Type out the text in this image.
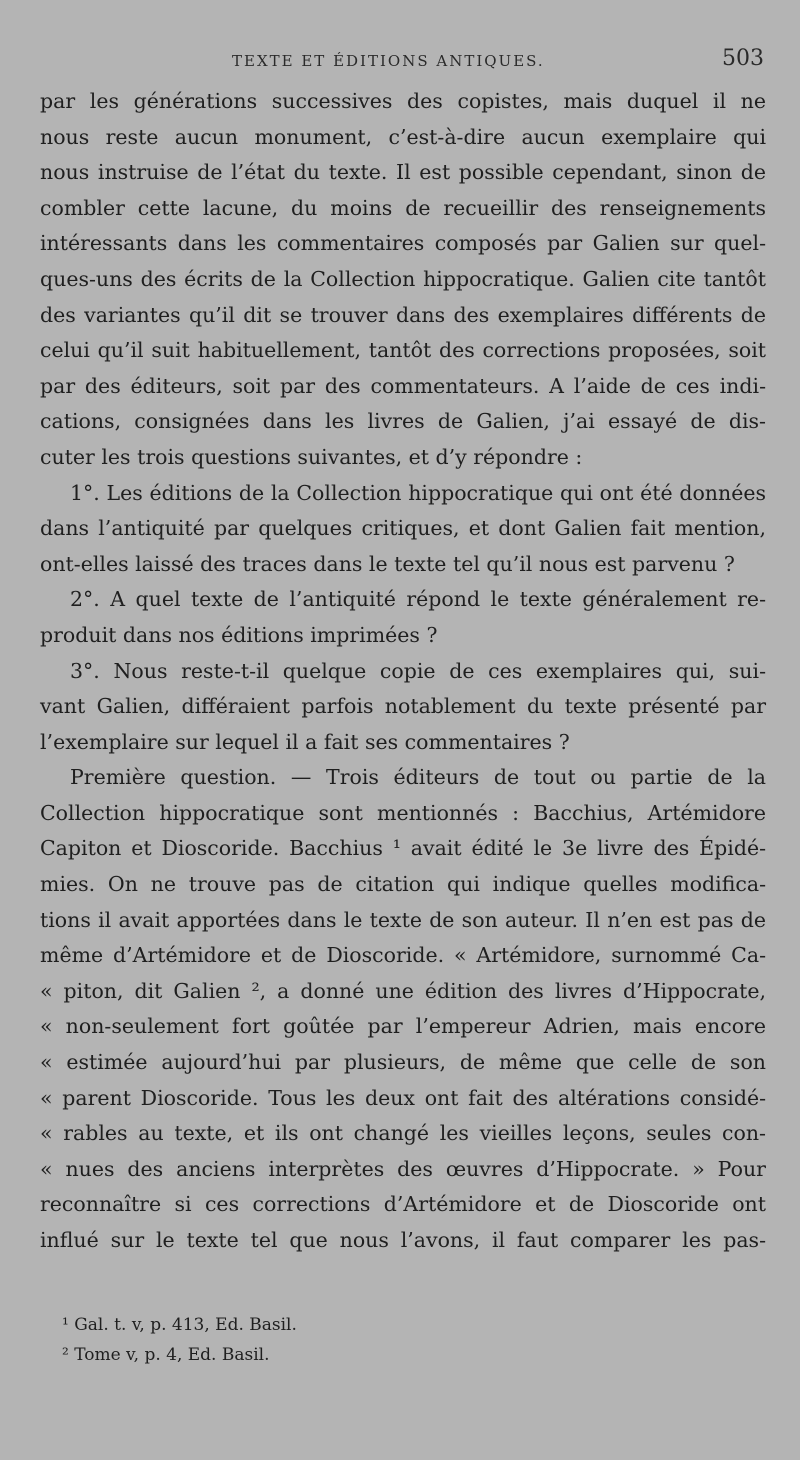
TEXTE ET ÉDITIONS ANTIQUES.	503
par les générations successives des copistes, mais duquel il ne
nous reste aucun monument, c’est-à-dire aucun exemplaire qui
nous instruise de l’état du texte. Il est possible cependant, sinon de
combler cette lacune, du moins de recueillir des renseignements
intéressants dans les commentaires composés par Galien sur quel-
ques-uns des écrits de la Collection hippocratique. Galien cite tantôt
des variantes qu’il dit se trouver dans des exemplaires différents de
celui qu’il suit habituellement, tantôt des corrections proposées, soit
par des éditeurs, soit par des commentateurs. A l’aide de ces indi-
cations, consignées dans les livres de Galien, j’ai essayé de dis-
cuter les trois questions suivantes, et d’y répondre :
1°. Les éditions de la Collection hippocratique qui ont été données
dans l’antiquité par quelques critiques, et dont Galien fait mention,
ont-elles laissé des traces dans le texte tel qu’il nous est parvenu ?
2°. A quel texte de l’antiquité répond le texte généralement re-
produit dans nos éditions imprimées ?
3°. Nous reste-t-il quelque copie de ces exemplaires qui, sui-
vant Galien, différaient parfois notablement du texte présenté par
l’exemplaire sur lequel il a fait ses commentaires ?
Première question. — Trois éditeurs de tout ou partie de la
Collection hippocratique sont mentionnés : Bacchius, Artémidore
Capiton et Dioscoride. Bacchius ¹ avait édité le 3e livre des Épidé-
mies. On ne trouve pas de citation qui indique quelles modifica-
tions il avait apportées dans le texte de son auteur. Il n’en est pas de
même d’Artémidore et de Dioscoride. « Artémidore, surnommé Ca-
« piton, dit Galien ², a donné une édition des livres d’Hippocrate,
« non-seulement fort goûtée par l’empereur Adrien, mais encore
« estimée aujourd’hui par plusieurs, de même que celle de son
« parent Dioscoride. Tous les deux ont fait des altérations considé-
« rables au texte, et ils ont changé les vieilles leçons, seules con-
« nues des anciens interprètes des œuvres d’Hippocrate. » Pour
reconnaître si ces corrections d’Artémidore et de Dioscoride ont
influé sur le texte tel que nous l’avons, il faut comparer les pas-
¹ Gal. t. v, p. 413, Ed. Basil.
² Tome v, p. 4, Ed. Basil.
